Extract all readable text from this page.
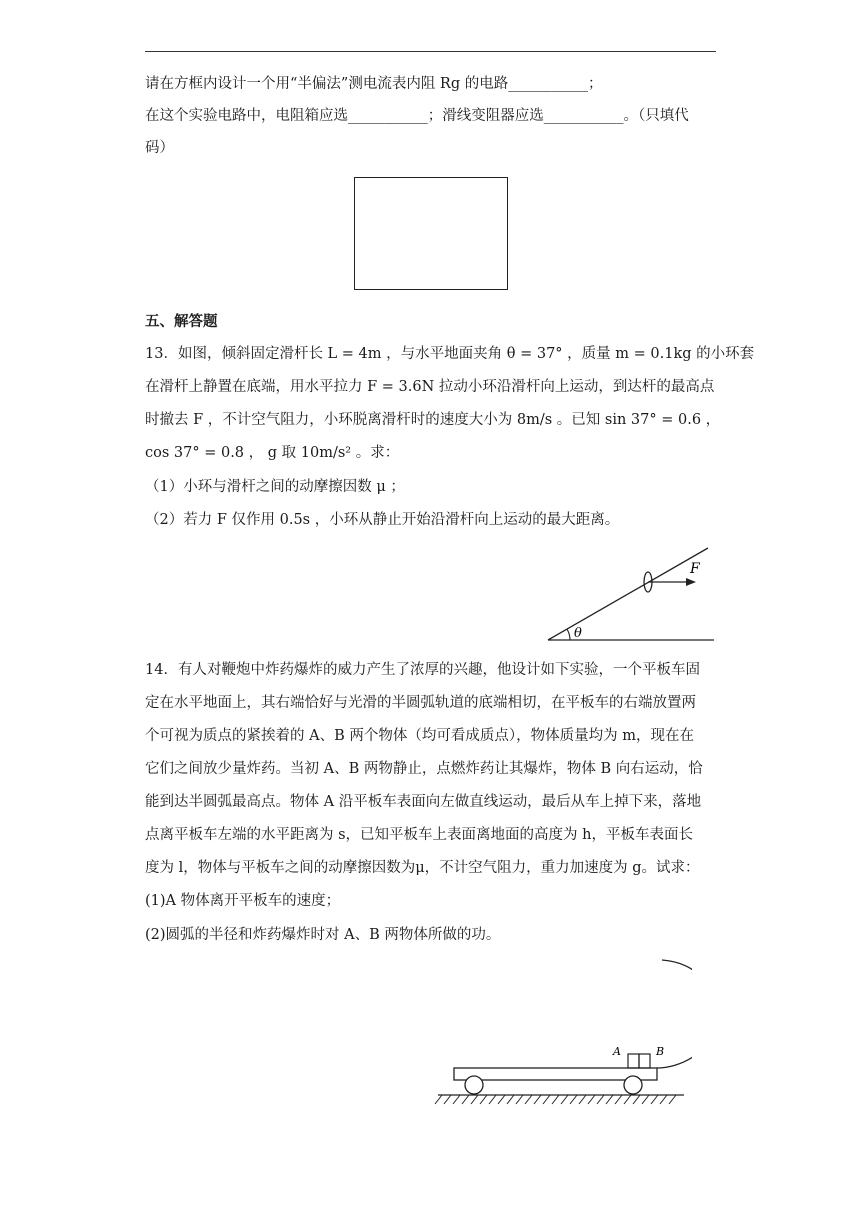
请在方框内设计一个用“半偏法”测电流表内阻 Rg 的电路___________；
在这个实验电路中，电阻箱应选___________；滑线变阻器应选___________。（只填代
码）
五、解答题
13．如图，倾斜固定滑杆长 L = 4m ，与水平地面夹角 θ = 37° ，质量 m = 0.1kg 的小环套
在滑杆上静置在底端，用水平拉力 F = 3.6N 拉动小环沿滑杆向上运动，到达杆的最高点
时撤去 F ，不计空气阻力，小环脱离滑杆时的速度大小为 8m/s 。已知 sin 37° = 0.6 ，
cos 37° = 0.8 ， g 取 10m/s² 。求：
（1）小环与滑杆之间的动摩擦因数 μ ；
（2）若力 F 仅作用 0.5s ，小环从静止开始沿滑杆向上运动的最大距离。
F
θ
14．有人对鞭炮中炸药爆炸的威力产生了浓厚的兴趣，他设计如下实验，一个平板车固
定在水平地面上，其右端恰好与光滑的半圆弧轨道的底端相切，在平板车的右端放置两
个可视为质点的紧挨着的 A、B 两个物体（均可看成质点），物体质量均为 m，现在在
它们之间放少量炸药。当初 A、B 两物静止，点燃炸药让其爆炸，物体 B 向右运动，恰
能到达半圆弧最高点。物体 A 沿平板车表面向左做直线运动，最后从车上掉下来，落地
点离平板车左端的水平距离为 s，已知平板车上表面离地面的高度为 h，平板车表面长
度为 l，物体与平板车之间的动摩擦因数为μ，不计空气阻力，重力加速度为 g。试求：
(1)A 物体离开平板车的速度；
(2)圆弧的半径和炸药爆炸时对 A、B 两物体所做的功。
A	B
